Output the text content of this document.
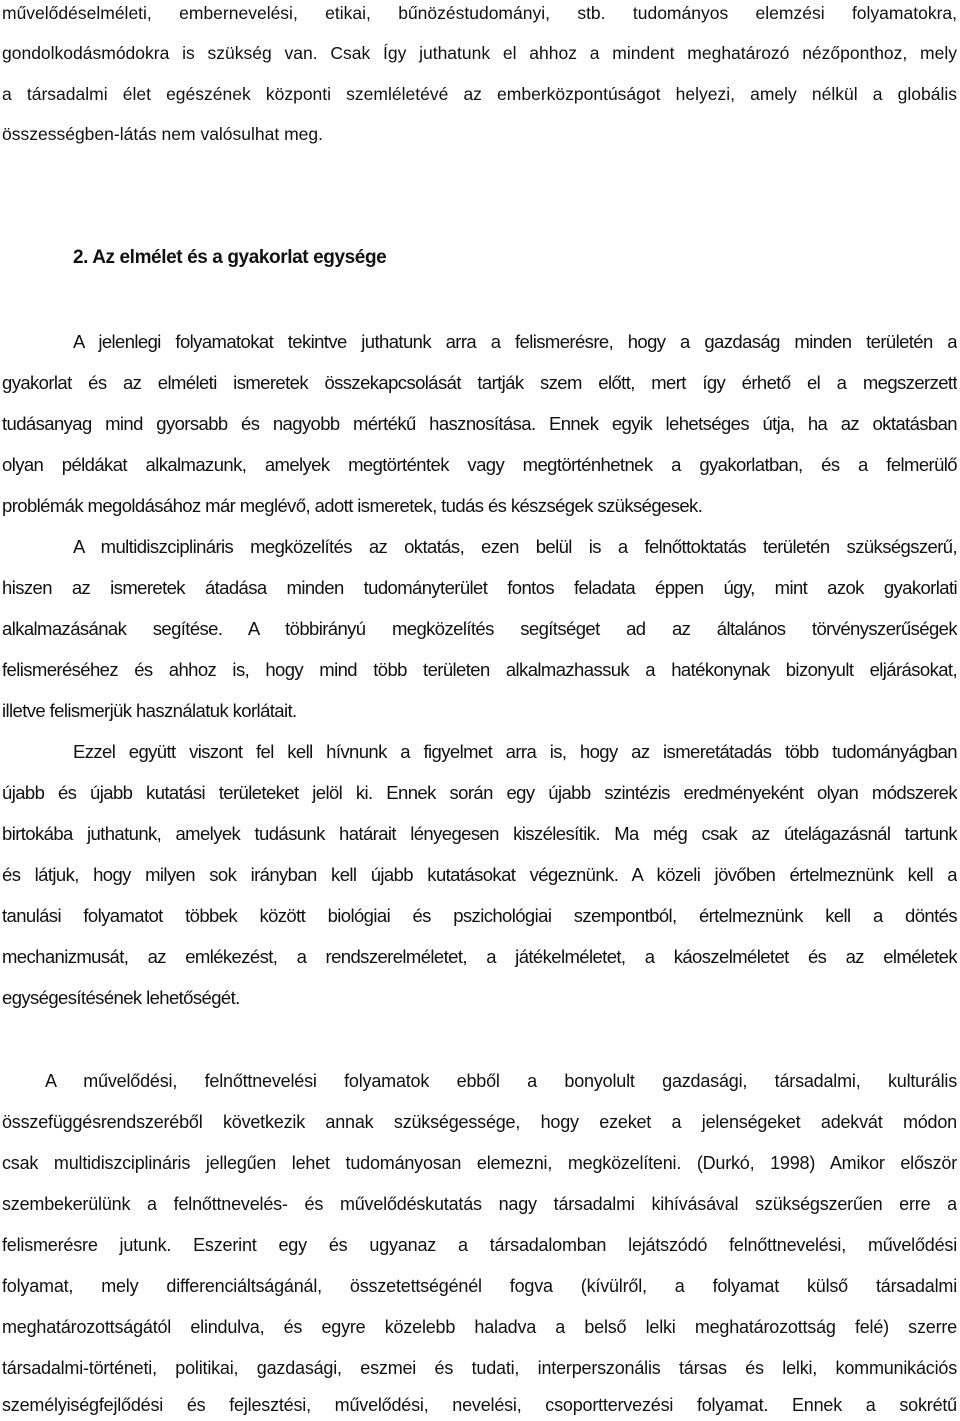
művelődéselméleti, embernevelési, etikai, bűnözéstudományi, stb. tudományos elemzési folyamatokra,
gondolkodásmódokra is szükség van. Csak Így juthatunk el ahhoz a mindent meghatározó nézőponthoz, mely
a társadalmi élet egészének központi szemléletévé az emberközpontúságot helyezi, amely nélkül a globális
összességben-látás nem valósulhat meg.
2. Az elmélet és a gyakorlat egysége
A jelenlegi folyamatokat tekintve juthatunk arra a felismerésre, hogy a gazdaság minden területén a
gyakorlat és az elméleti ismeretek összekapcsolását tartják szem előtt, mert így érhető el a megszerzett
tudásanyag mind gyorsabb és nagyobb mértékű hasznosítása. Ennek egyik lehetséges útja, ha az oktatásban
olyan példákat alkalmazunk, amelyek megtörténtek vagy megtörténhetnek a gyakorlatban, és a felmerülő
problémák megoldásához már meglévő, adott ismeretek, tudás és készségek szükségesek.
A multidiszciplináris megközelítés az oktatás, ezen belül is a felnőttoktatás területén szükségszerű,
hiszen az ismeretek átadása minden tudományterület fontos feladata éppen úgy, mint azok gyakorlati
alkalmazásának segítése. A többirányú megközelítés segítséget ad az általános törvényszerűségek
felismeréséhez és ahhoz is, hogy mind több területen alkalmazhassuk a hatékonynak bizonyult eljárásokat,
illetve felismerjük használatuk korlátait.
Ezzel együtt viszont fel kell hívnunk a figyelmet arra is, hogy az ismeretátadás több tudományágban
újabb és újabb kutatási területeket jelöl ki. Ennek során egy újabb szintézis eredményeként olyan módszerek
birtokába juthatunk, amelyek tudásunk határait lényegesen kiszélesítik. Ma még csak az útelágazásnál tartunk
és látjuk, hogy milyen sok irányban kell újabb kutatásokat végeznünk. A közeli jövőben értelmeznünk kell a
tanulási folyamatot többek között biológiai és pszichológiai szempontból, értelmeznünk kell a döntés
mechanizmusát, az emlékezést, a rendszerelméletet, a játékelméletet, a káoszelméletet és az elméletek
egységesítésének lehetőségét.
A művelődési, felnőttnevelési folyamatok ebből a bonyolult gazdasági, társadalmi, kulturális
összefüggésrendszeréből következik annak szükségessége, hogy ezeket a jelenségeket adekvát módon
csak multidiszciplináris jellegűen lehet tudományosan elemezni, megközelíteni. (Durkó, 1998) Amikor először
szembekerülünk a felnőttnevelés- és művelődéskutatás nagy társadalmi kihívásával szükségszerűen erre a
felismerésre jutunk. Eszerint egy és ugyanaz a társadalomban lejátszódó felnőttnevelési, művelődési
folyamat, mely differenciáltságánál, összetettségénél fogva (kívülről, a folyamat külső társadalmi
meghatározottságától elindulva, és egyre közelebb haladva a belső lelki meghatározottság felé) szerre
társadalmi-történeti, politikai, gazdasági, eszmei és tudati, interperszonális társas és lelki, kommunikációs
személyiségfejlődési és fejlesztési, művelődési, nevelési, csoporttervezési folyamat. Ennek a sokrétű
